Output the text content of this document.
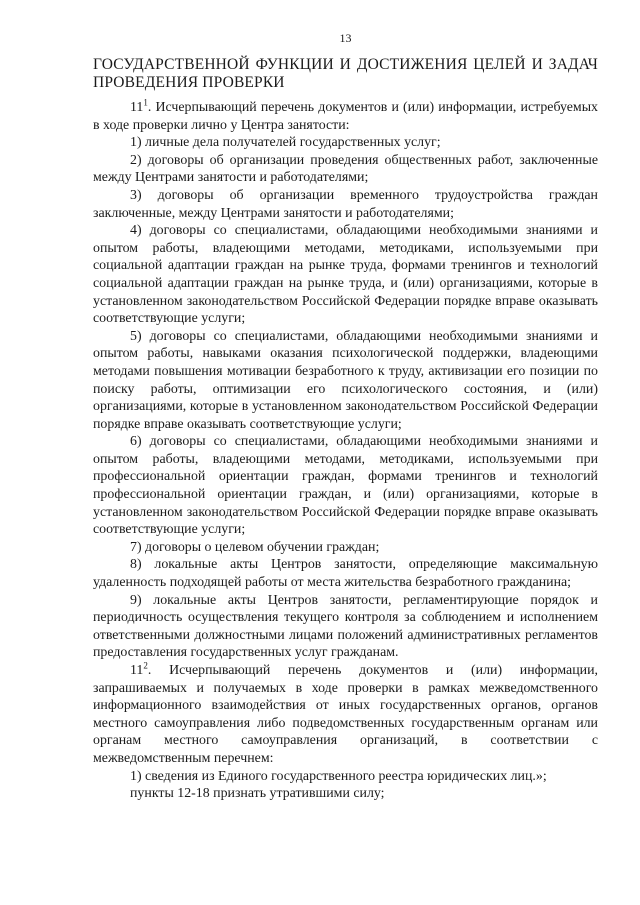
13
ГОСУДАРСТВЕННОЙ ФУНКЦИИ И ДОСТИЖЕНИЯ ЦЕЛЕЙ И ЗАДАЧ ПРОВЕДЕНИЯ ПРОВЕРКИ

$11^1$. Исчерпывающий перечень документов и (или) информации, истребуемых в ходе проверки лично у Центра занятости:

1) личные дела получателей государственных услуг;

2) договоры об организации проведения общественных работ, заключенные между Центрами занятости и работодателями;

3) договоры об организации временного трудоустройства граждан заключенные, между Центрами занятости и работодателями;

4) договоры со специалистами, обладающими необходимыми знаниями и опытом работы, владеющими методами, методиками, используемыми при социальной адаптации граждан на рынке труда, формами тренингов и технологий социальной адаптации граждан на рынке труда, и (или) организациями, которые в установленном законодательством Российской Федерации порядке вправе оказывать соответствующие услуги;

5) договоры со специалистами, обладающими необходимыми знаниями и опытом работы, навыками оказания психологической поддержки, владеющими методами повышения мотивации безработного к труду, активизации его позиции по поиску работы, оптимизации его психологического состояния, и (или) организациями, которые в установленном законодательством Российской Федерации порядке вправе оказывать соответствующие услуги;

6) договоры со специалистами, обладающими необходимыми знаниями и опытом работы, владеющими методами, методиками, используемыми при профессиональной ориентации граждан, формами тренингов и технологий профессиональной ориентации граждан, и (или) организациями, которые в установленном законодательством Российской Федерации порядке вправе оказывать соответствующие услуги;

7) договоры о целевом обучении граждан;

8) локальные акты Центров занятости, определяющие максимальную удаленность подходящей работы от места жительства безработного гражданина;

9) локальные акты Центров занятости, регламентирующие порядок и периодичность осуществления текущего контроля за соблюдением и исполнением ответственными должностными лицами положений административных регламентов предоставления государственных услуг гражданам.

$11^2$. Исчерпывающий перечень документов и (или) информации, запрашиваемых и получаемых в ходе проверки в рамках межведомственного информационного взаимодействия от иных государственных органов, органов местного самоуправления либо подведомственных государственным органам или органам местного самоуправления организаций, в соответствии с межведомственным перечнем:

1) сведения из Единого государственного реестра юридических лиц.»;

пункты 12-18 признать утратившими силу;
